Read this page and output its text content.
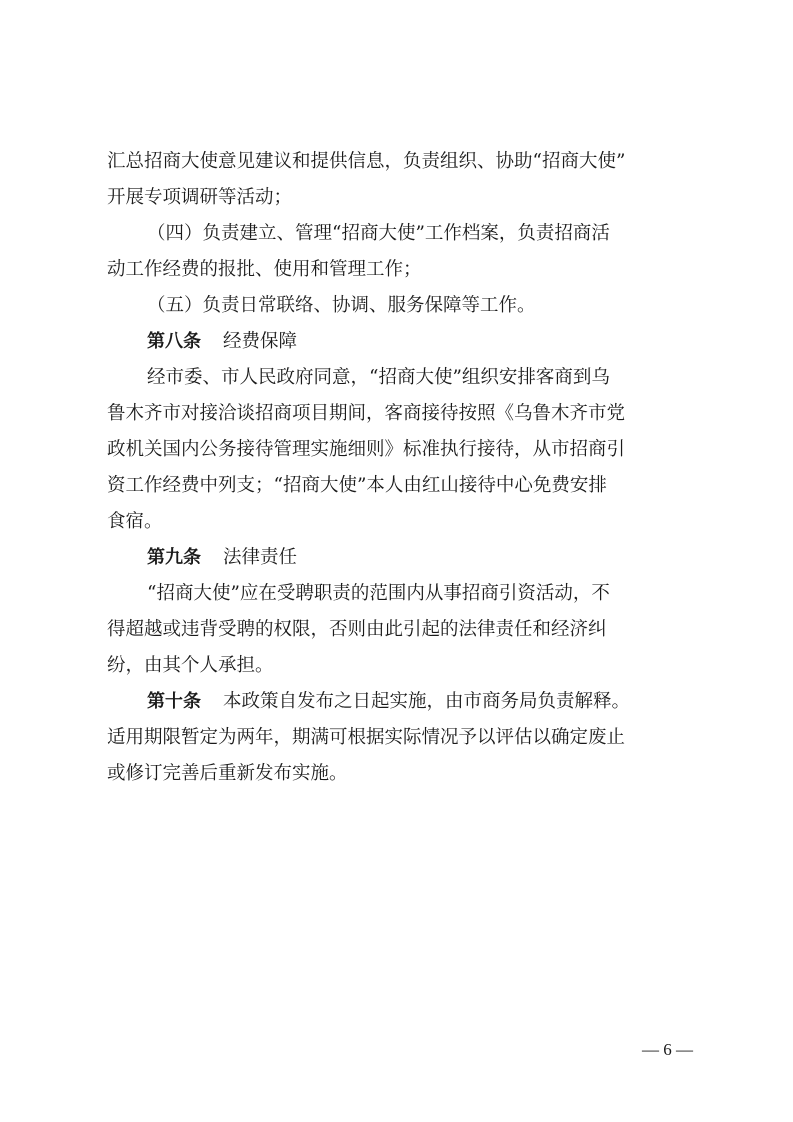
汇总招商大使意见建议和提供信息，负责组织、协助“招商大使”
开展专项调研等活动；
（四）负责建立、管理“招商大使”工作档案，负责招商活
动工作经费的报批、使用和管理工作；
（五）负责日常联络、协调、服务保障等工作。
第八条 经费保障
经市委、市人民政府同意，“招商大使”组织安排客商到乌
鲁木齐市对接洽谈招商项目期间，客商接待按照《乌鲁木齐市党
政机关国内公务接待管理实施细则》标准执行接待，从市招商引
资工作经费中列支；“招商大使”本人由红山接待中心免费安排
食宿。
第九条 法律责任
“招商大使”应在受聘职责的范围内从事招商引资活动，不
得超越或违背受聘的权限，否则由此引起的法律责任和经济纠
纷，由其个人承担。
第十条 本政策自发布之日起实施，由市商务局负责解释。
适用期限暂定为两年，期满可根据实际情况予以评估以确定废止
或修订完善后重新发布实施。
— 6 —
